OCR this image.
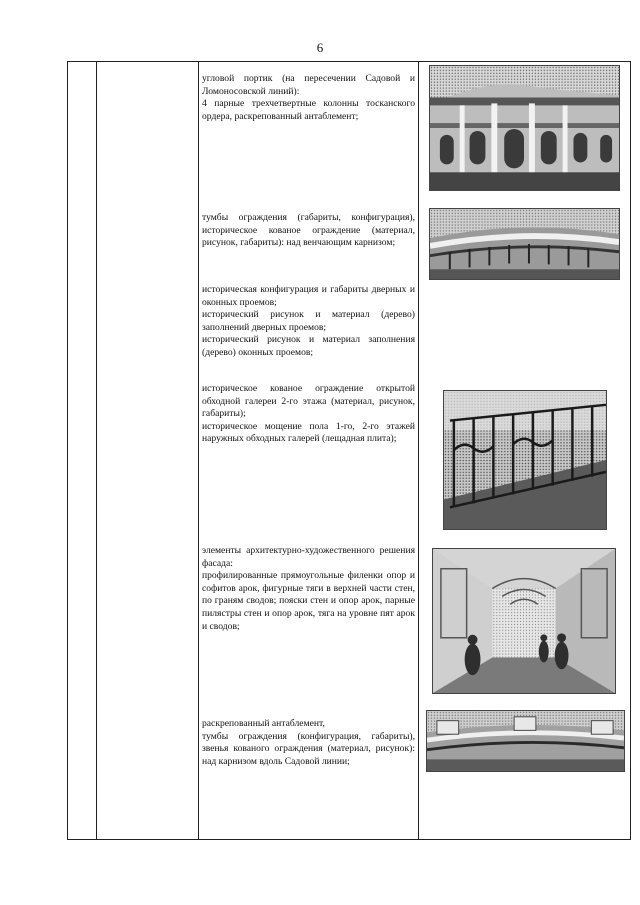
6

угловой портик (на пересечении Садовой и Ломоносовской линий):

4 парные трехчетвертные колонны тосканского ордера, раскрепованный антаблемент;

тумбы ограждения (габариты, конфигурация), историческое кованое ограждение (материал, рисунок, габариты): над венчающим карнизом;

историческая конфигурация и габариты дверных и оконных проемов;

исторический рисунок и материал (дерево) заполнений дверных проемов;

исторический рисунок и материал заполнения (дерево) оконных проемов;

историческое кованое ограждение открытой обходной галереи 2-го этажа (материал, рисунок, габариты);

историческое мощение пола 1-го, 2-го этажей наружных обходных галерей (лещадная плита);

элементы архитектурно-художественного решения фасада:

профилированные прямоугольные филенки опор и софитов арок, фигурные тяги в верхней части стен, по граням сводов; пояски стен и опор арок, парные пилястры стен и опор арок, тяга на уровне пят арок и сводов;

раскрепованный антаблемент,

тумбы ограждения (конфигурация, габариты), звенья кованого ограждения (материал, рисунок): над карнизом вдоль Садовой линии;
